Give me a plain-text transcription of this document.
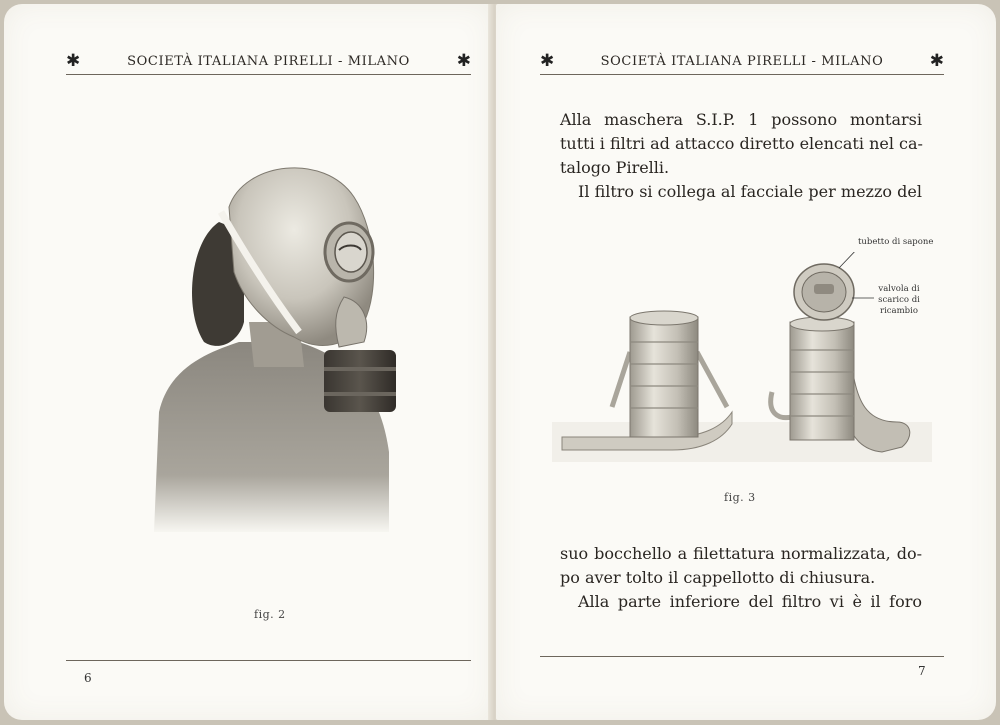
✱	SOCIETÀ ITALIANA PIRELLI - MILANO	✱
fig. 2
6
✱	SOCIETÀ ITALIANA PIRELLI - MILANO	✱
Alla maschera S.I.P. 1 possono montarsi
tutti i filtri ad attacco diretto elencati nel ca-
talogo Pirelli.
Il filtro si collega al facciale per mezzo del
tubetto di sapone
valvola di
scarico di
ricambio
fig. 3
suo bocchello a filettatura normalizzata, do-
po aver tolto il cappellotto di chiusura.
Alla parte inferiore del filtro vi è il foro
7
